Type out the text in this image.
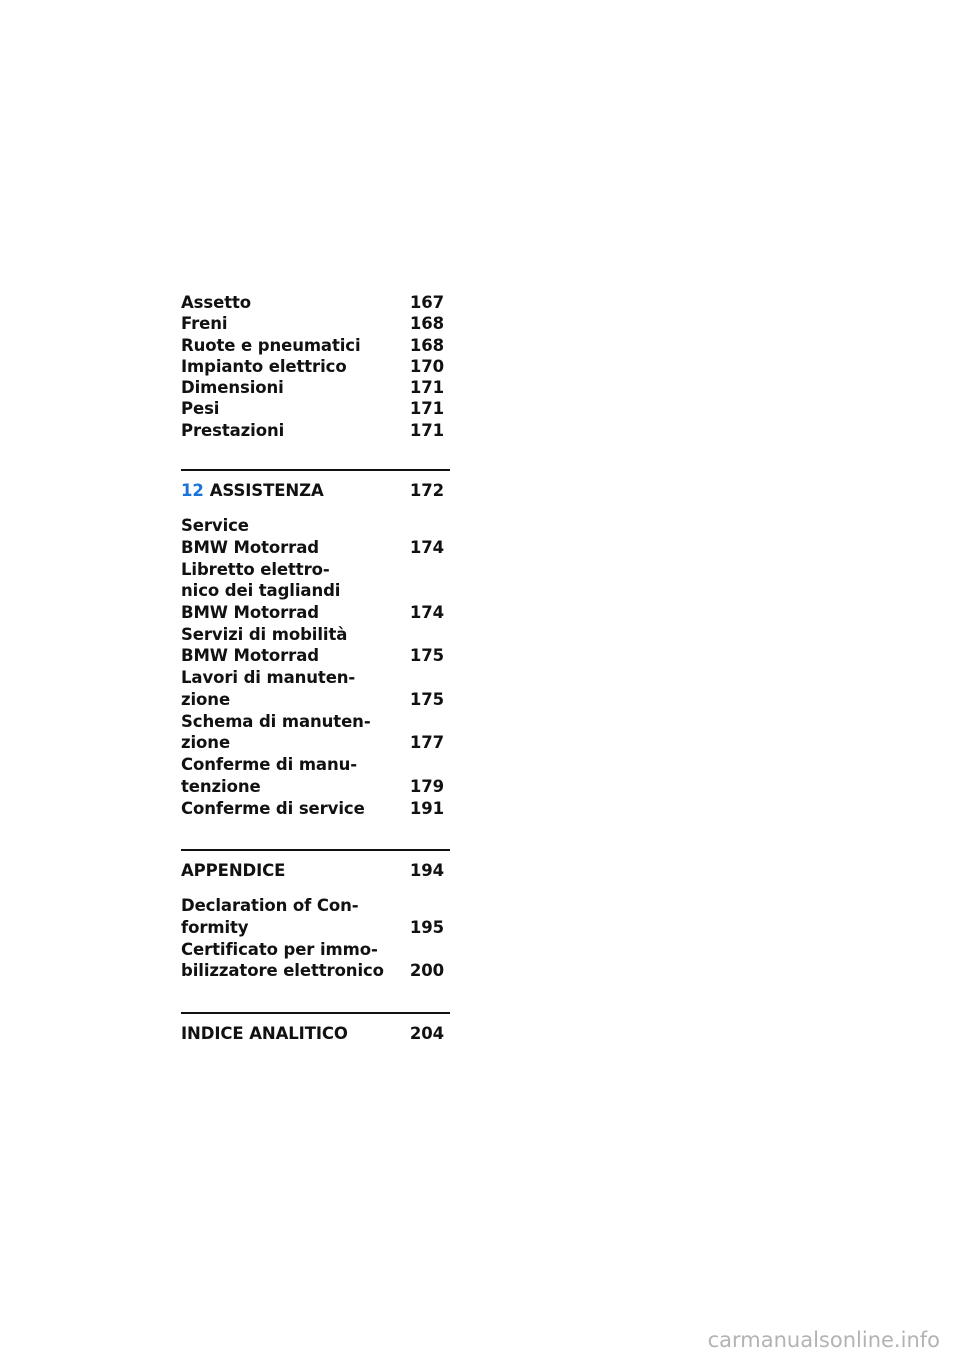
Assetto	167
Freni	168
Ruote e pneumatici	168
Impianto elettrico	170
Dimensioni	171
Pesi	171
Prestazioni	171
12 ASSISTENZA	172
Service
BMW Motorrad	174
Libretto elettro-
nico dei tagliandi
BMW Motorrad	174
Servizi di mobilità
BMW Motorrad	175
Lavori di manuten-
zione	175
Schema di manuten-
zione	177
Conferme di manu-
tenzione	179
Conferme di service	191
APPENDICE	194
Declaration of Con-
formity	195
Certificato per immo-
bilizzatore elettronico	200
INDICE ANALITICO	204
carmanualsonline.info
